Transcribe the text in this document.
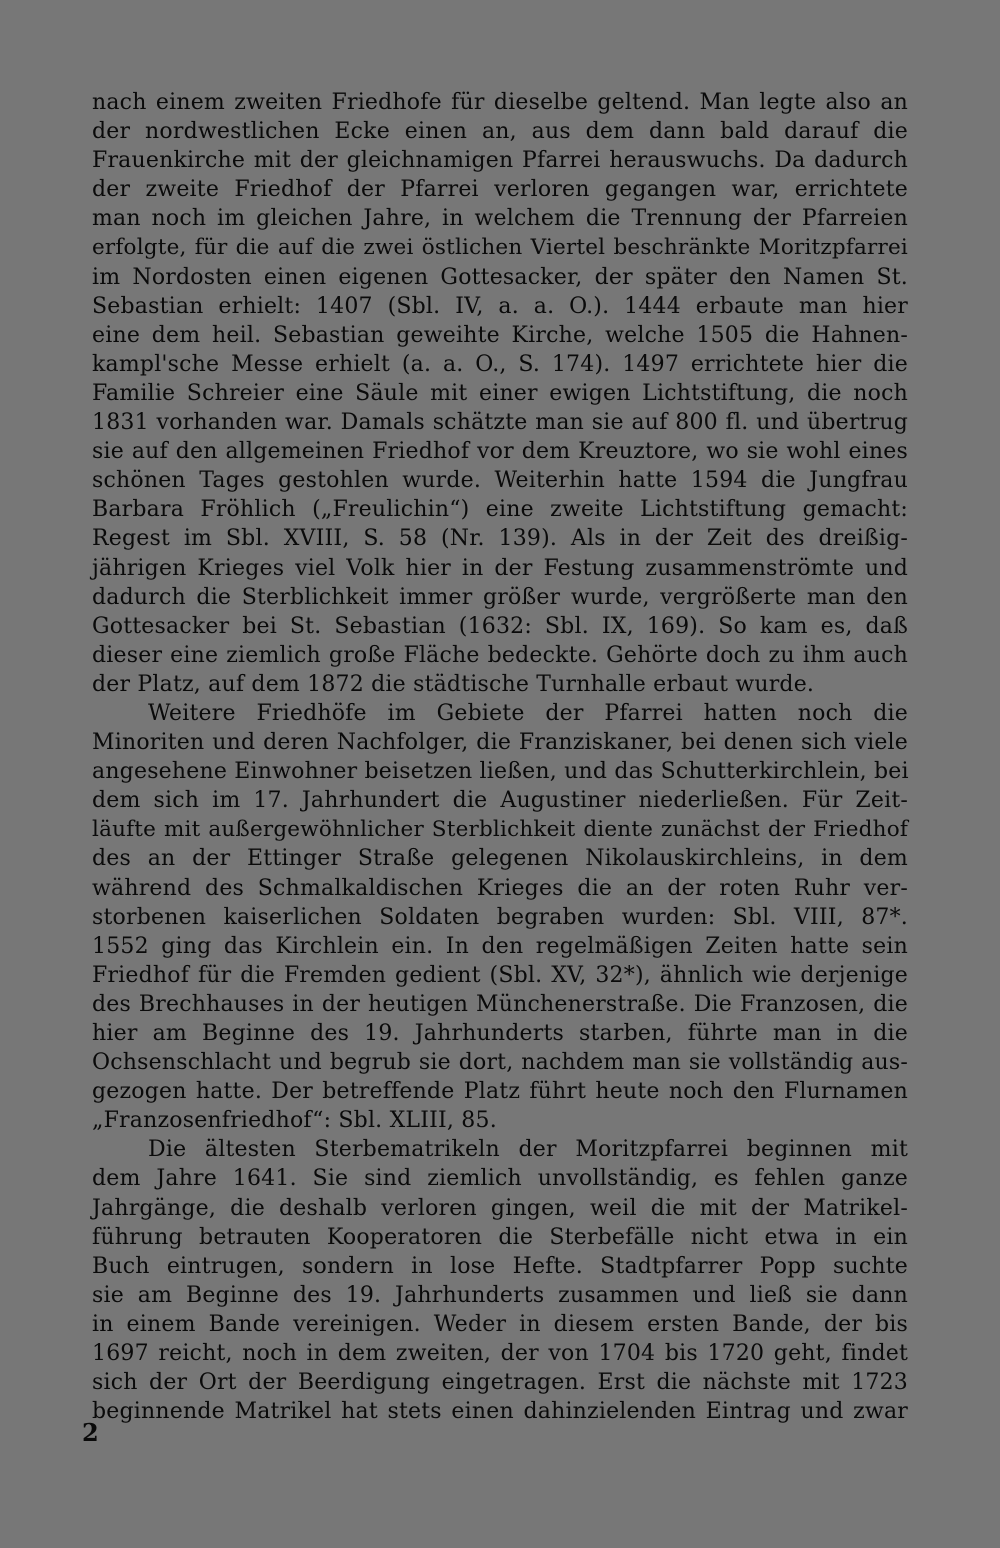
nach einem zweiten Friedhofe für dieselbe geltend. Man legte also an
der nordwestlichen Ecke einen an, aus dem dann bald darauf die
Frauenkirche mit der gleichnamigen Pfarrei herauswuchs. Da dadurch
der zweite Friedhof der Pfarrei verloren gegangen war, errichtete
man noch im gleichen Jahre, in welchem die Trennung der Pfarreien
erfolgte, für die auf die zwei östlichen Viertel beschränkte Moritzpfarrei
im Nordosten einen eigenen Gottesacker, der später den Namen St.
Sebastian erhielt: 1407 (Sbl. IV, a. a. O.). 1444 erbaute man hier
eine dem heil. Sebastian geweihte Kirche, welche 1505 die Hahnen-
kampl'sche Messe erhielt (a. a. O., S. 174). 1497 errichtete hier die
Familie Schreier eine Säule mit einer ewigen Lichtstiftung, die noch
1831 vorhanden war. Damals schätzte man sie auf 800 fl. und übertrug
sie auf den allgemeinen Friedhof vor dem Kreuztore, wo sie wohl eines
schönen Tages gestohlen wurde. Weiterhin hatte 1594 die Jungfrau
Barbara Fröhlich („Freulichin“) eine zweite Lichtstiftung gemacht:
Regest im Sbl. XVIII, S. 58 (Nr. 139). Als in der Zeit des dreißig-
jährigen Krieges viel Volk hier in der Festung zusammenströmte und
dadurch die Sterblichkeit immer größer wurde, vergrößerte man den
Gottesacker bei St. Sebastian (1632: Sbl. IX, 169). So kam es, daß
dieser eine ziemlich große Fläche bedeckte. Gehörte doch zu ihm auch
der Platz, auf dem 1872 die städtische Turnhalle erbaut wurde.
Weitere Friedhöfe im Gebiete der Pfarrei hatten noch die
Minoriten und deren Nachfolger, die Franziskaner, bei denen sich viele
angesehene Einwohner beisetzen ließen, und das Schutterkirchlein, bei
dem sich im 17. Jahrhundert die Augustiner niederließen. Für Zeit-
läufte mit außergewöhnlicher Sterblichkeit diente zunächst der Friedhof
des an der Ettinger Straße gelegenen Nikolauskirchleins, in dem
während des Schmalkaldischen Krieges die an der roten Ruhr ver-
storbenen kaiserlichen Soldaten begraben wurden: Sbl. VIII, 87*.
1552 ging das Kirchlein ein. In den regelmäßigen Zeiten hatte sein
Friedhof für die Fremden gedient (Sbl. XV, 32*), ähnlich wie derjenige
des Brechhauses in der heutigen Münchenerstraße. Die Franzosen, die
hier am Beginne des 19. Jahrhunderts starben, führte man in die
Ochsenschlacht und begrub sie dort, nachdem man sie vollständig aus-
gezogen hatte. Der betreffende Platz führt heute noch den Flurnamen
„Franzosenfriedhof“: Sbl. XLIII, 85.
Die ältesten Sterbematrikeln der Moritzpfarrei beginnen mit
dem Jahre 1641. Sie sind ziemlich unvollständig, es fehlen ganze
Jahrgänge, die deshalb verloren gingen, weil die mit der Matrikel-
führung betrauten Kooperatoren die Sterbefälle nicht etwa in ein
Buch eintrugen, sondern in lose Hefte. Stadtpfarrer Popp suchte
sie am Beginne des 19. Jahrhunderts zusammen und ließ sie dann
in einem Bande vereinigen. Weder in diesem ersten Bande, der bis
1697 reicht, noch in dem zweiten, der von 1704 bis 1720 geht, findet
sich der Ort der Beerdigung eingetragen. Erst die nächste mit 1723
beginnende Matrikel hat stets einen dahinzielenden Eintrag und zwar
2
